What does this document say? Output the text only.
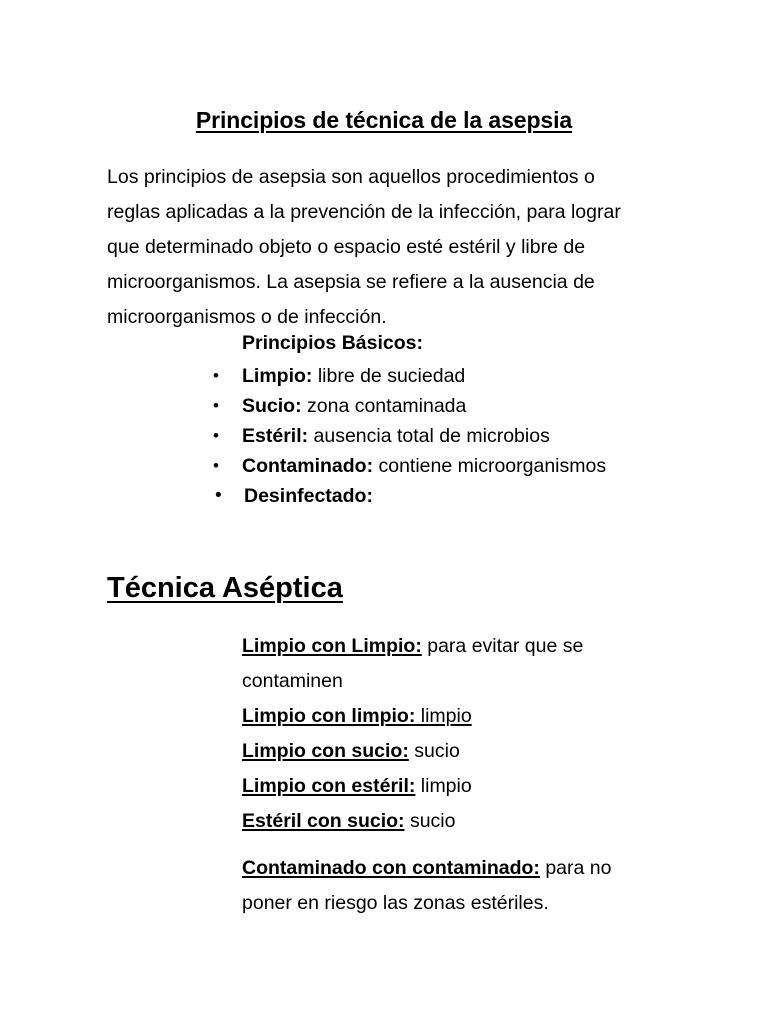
Principios de técnica de la asepsia

Los principios de asepsia son aquellos procedimientos o reglas aplicadas a la prevención de la infección, para lograr que determinado objeto o espacio esté estéril y libre de microorganismos. La asepsia se refiere a la ausencia de microorganismos o de infección.

Principios Básicos:
•	Limpio: libre de suciedad
•	Sucio: zona contaminada
•	Estéril: ausencia total de microbios
•	Contaminado: contiene microorganismos
•	Desinfectado:
Técnica Aséptica
Limpio con Limpio: para evitar que se contaminen
Limpio con limpio: limpio
Limpio con sucio: sucio
Limpio con estéril: limpio
Estéril con sucio: sucio

Contaminado con contaminado: para no poner en riesgo las zonas estériles.
